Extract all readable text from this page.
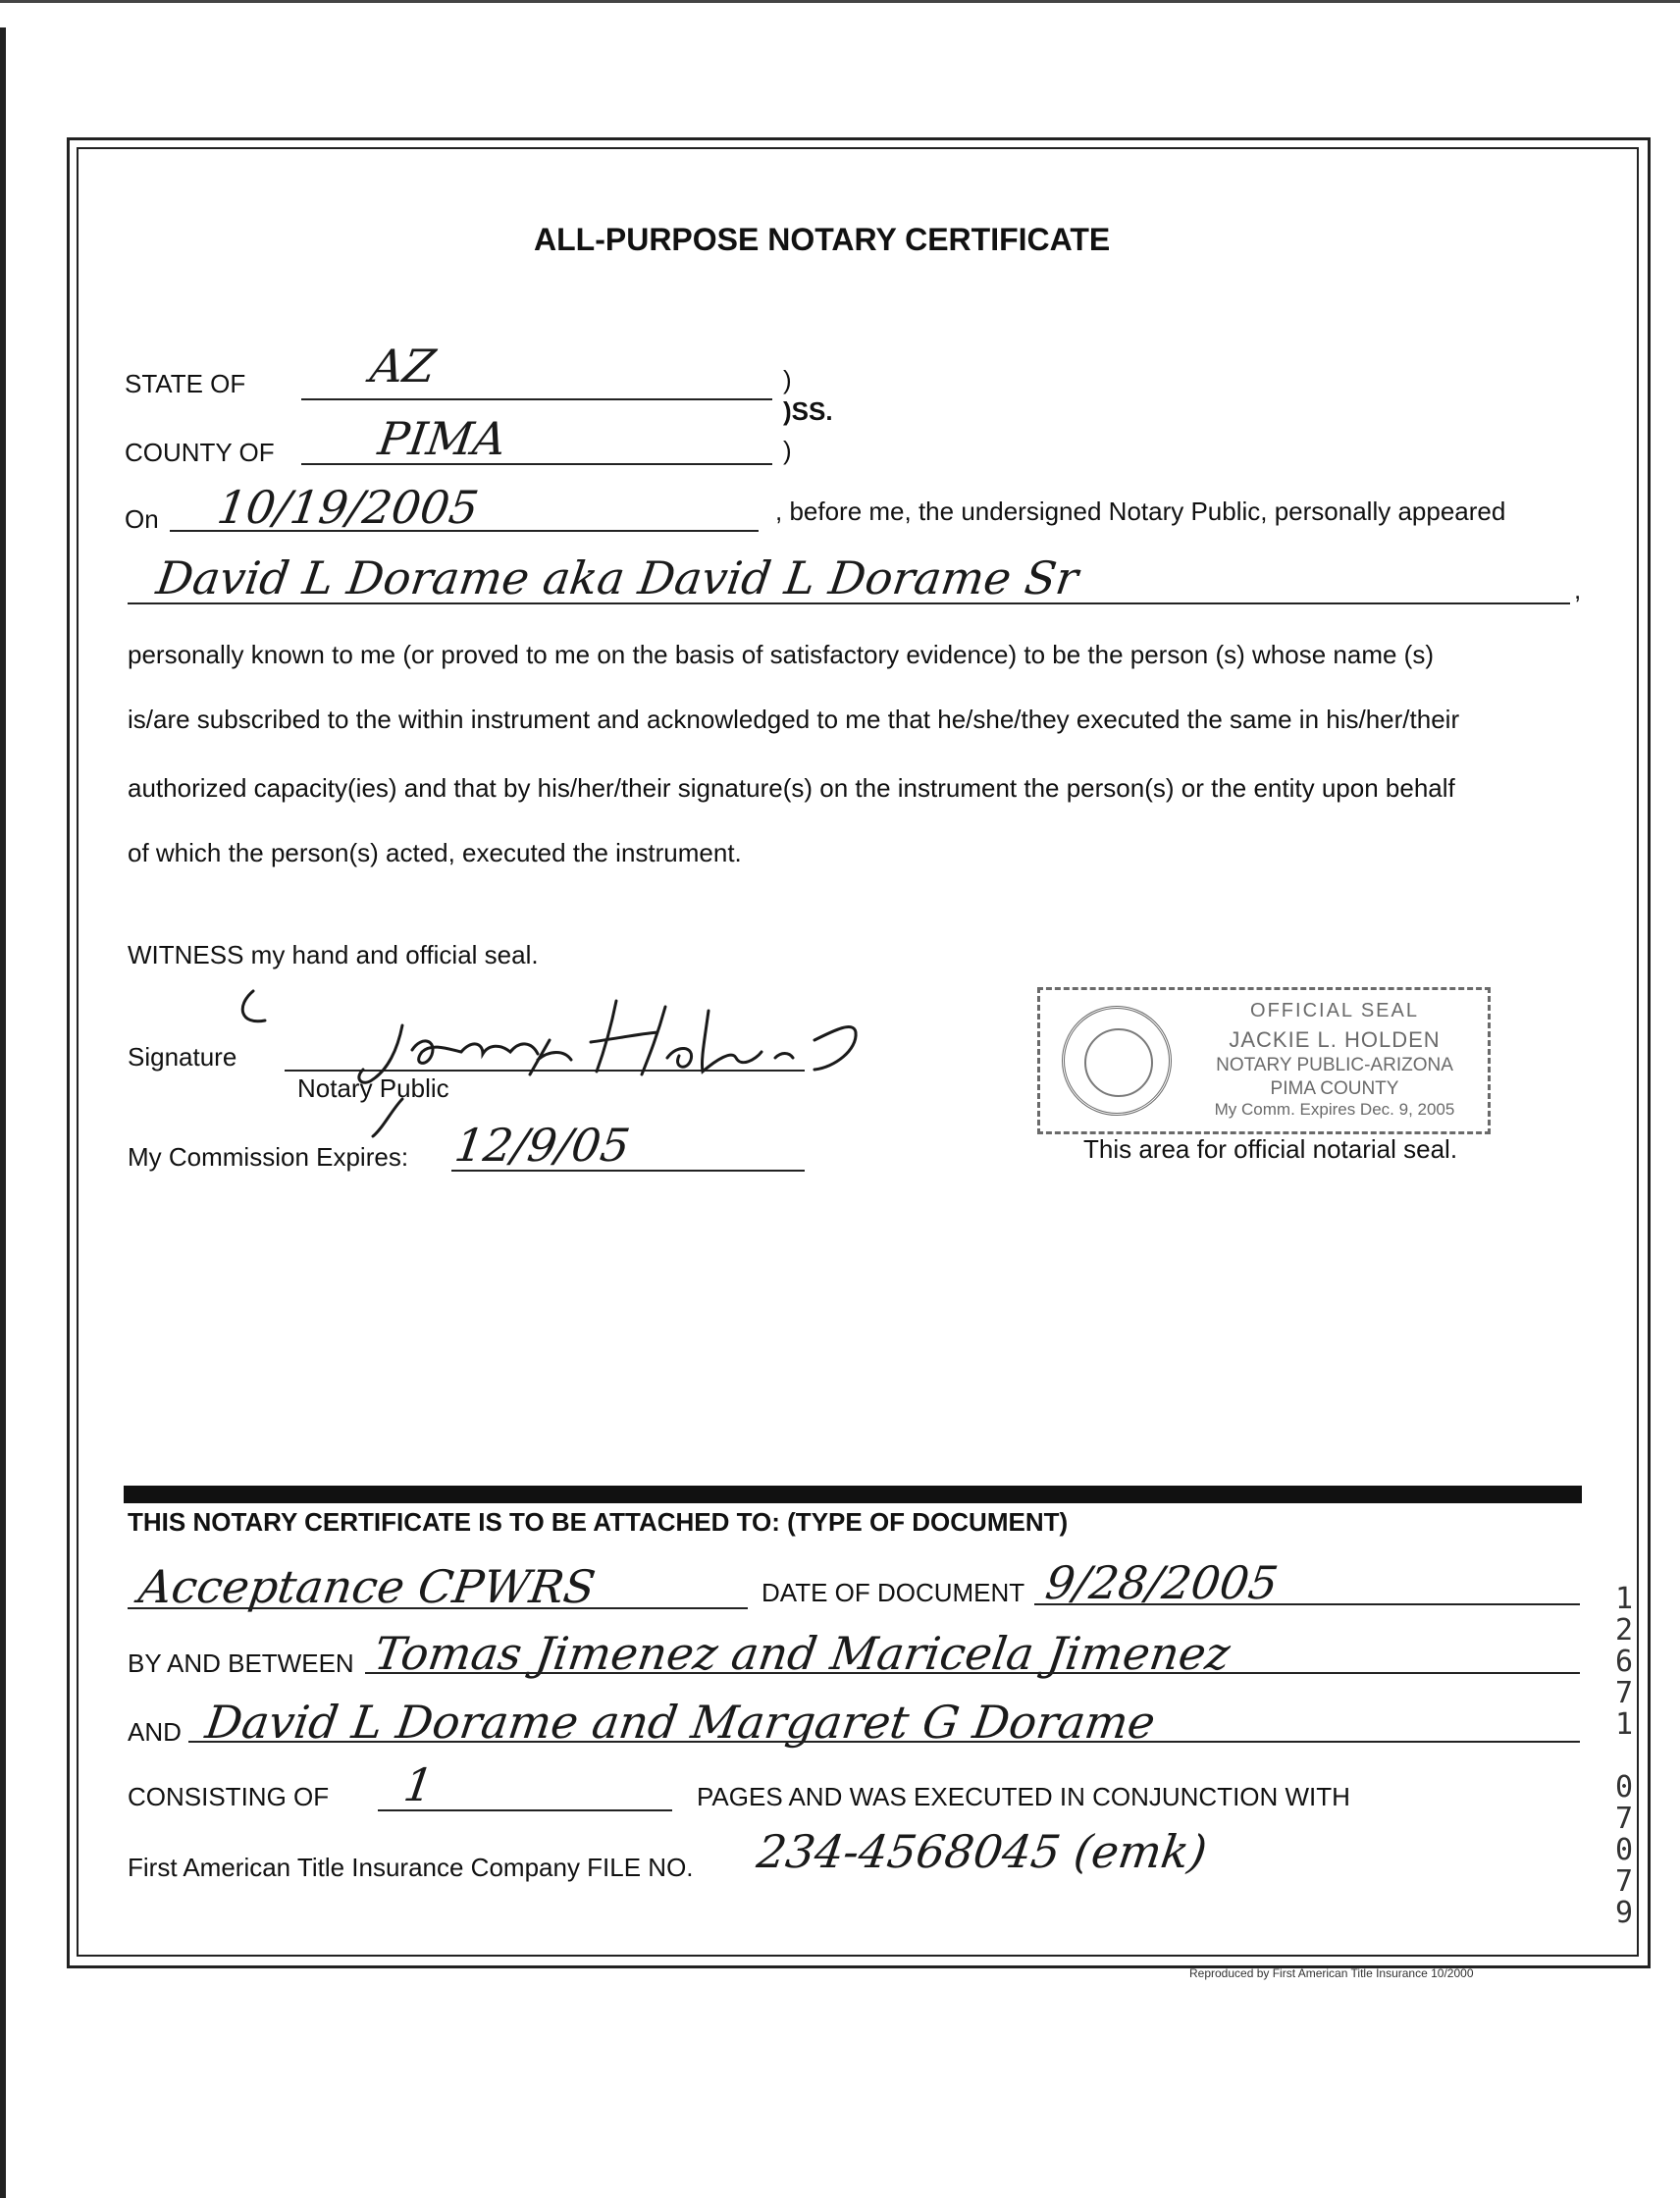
ALL-PURPOSE NOTARY CERTIFICATE
STATE OF	AZ	)
)SS.
COUNTY OF PIMA	)
On 10/19/2005	, before me, the undersigned Notary Public, personally appeared
David L Dorame aka David L Dorame Sr	,
personally known to me (or proved to me on the basis of satisfactory evidence) to be the person (s) whose name (s)
is/are subscribed to the within instrument and acknowledged to me that he/she/they executed the same in his/her/their
authorized capacity(ies) and that by his/her/their signature(s) on the instrument the person(s) or the entity upon behalf
of which the person(s) acted, executed the instrument.
WITNESS my hand and official seal.
Signature
Notary Public
My Commission Expires: 12/9/05
OFFICIAL SEAL
JACKIE L. HOLDEN
NOTARY PUBLIC-ARIZONA
PIMA COUNTY
My Comm. Expires Dec. 9, 2005
This area for official notarial seal.
THIS NOTARY CERTIFICATE IS TO BE ATTACHED TO: (TYPE OF DOCUMENT)
Acceptance CPWRS	DATE OF DOCUMENT 9/28/2005
BY AND BETWEEN Tomas Jimenez and Maricela Jimenez
AND David L Dorame and Margaret G Dorame
CONSISTING OF 1	PAGES AND WAS EXECUTED IN CONJUNCTION WITH
First American Title Insurance Company FILE NO. 234-4568045 (emk)
Reproduced by First American Title Insurance 10/2000
1
2
6
7
1
0
7
0
7
9
